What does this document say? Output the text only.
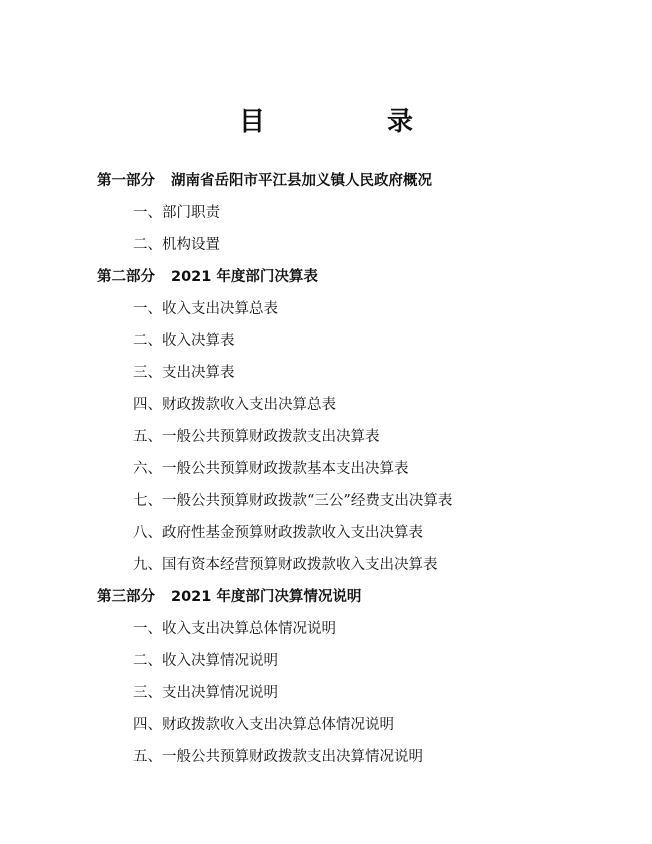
目　录
第一部分 湖南省岳阳市平江县加义镇人民政府概况
一、部门职责
二、机构设置
第二部分 2021 年度部门决算表
一、收入支出决算总表
二、收入决算表
三、支出决算表
四、财政拨款收入支出决算总表
五、一般公共预算财政拨款支出决算表
六、一般公共预算财政拨款基本支出决算表
七、一般公共预算财政拨款“三公”经费支出决算表
八、政府性基金预算财政拨款收入支出决算表
九、国有资本经营预算财政拨款收入支出决算表
第三部分 2021 年度部门决算情况说明
一、收入支出决算总体情况说明
二、收入决算情况说明
三、支出决算情况说明
四、财政拨款收入支出决算总体情况说明
五、一般公共预算财政拨款支出决算情况说明
